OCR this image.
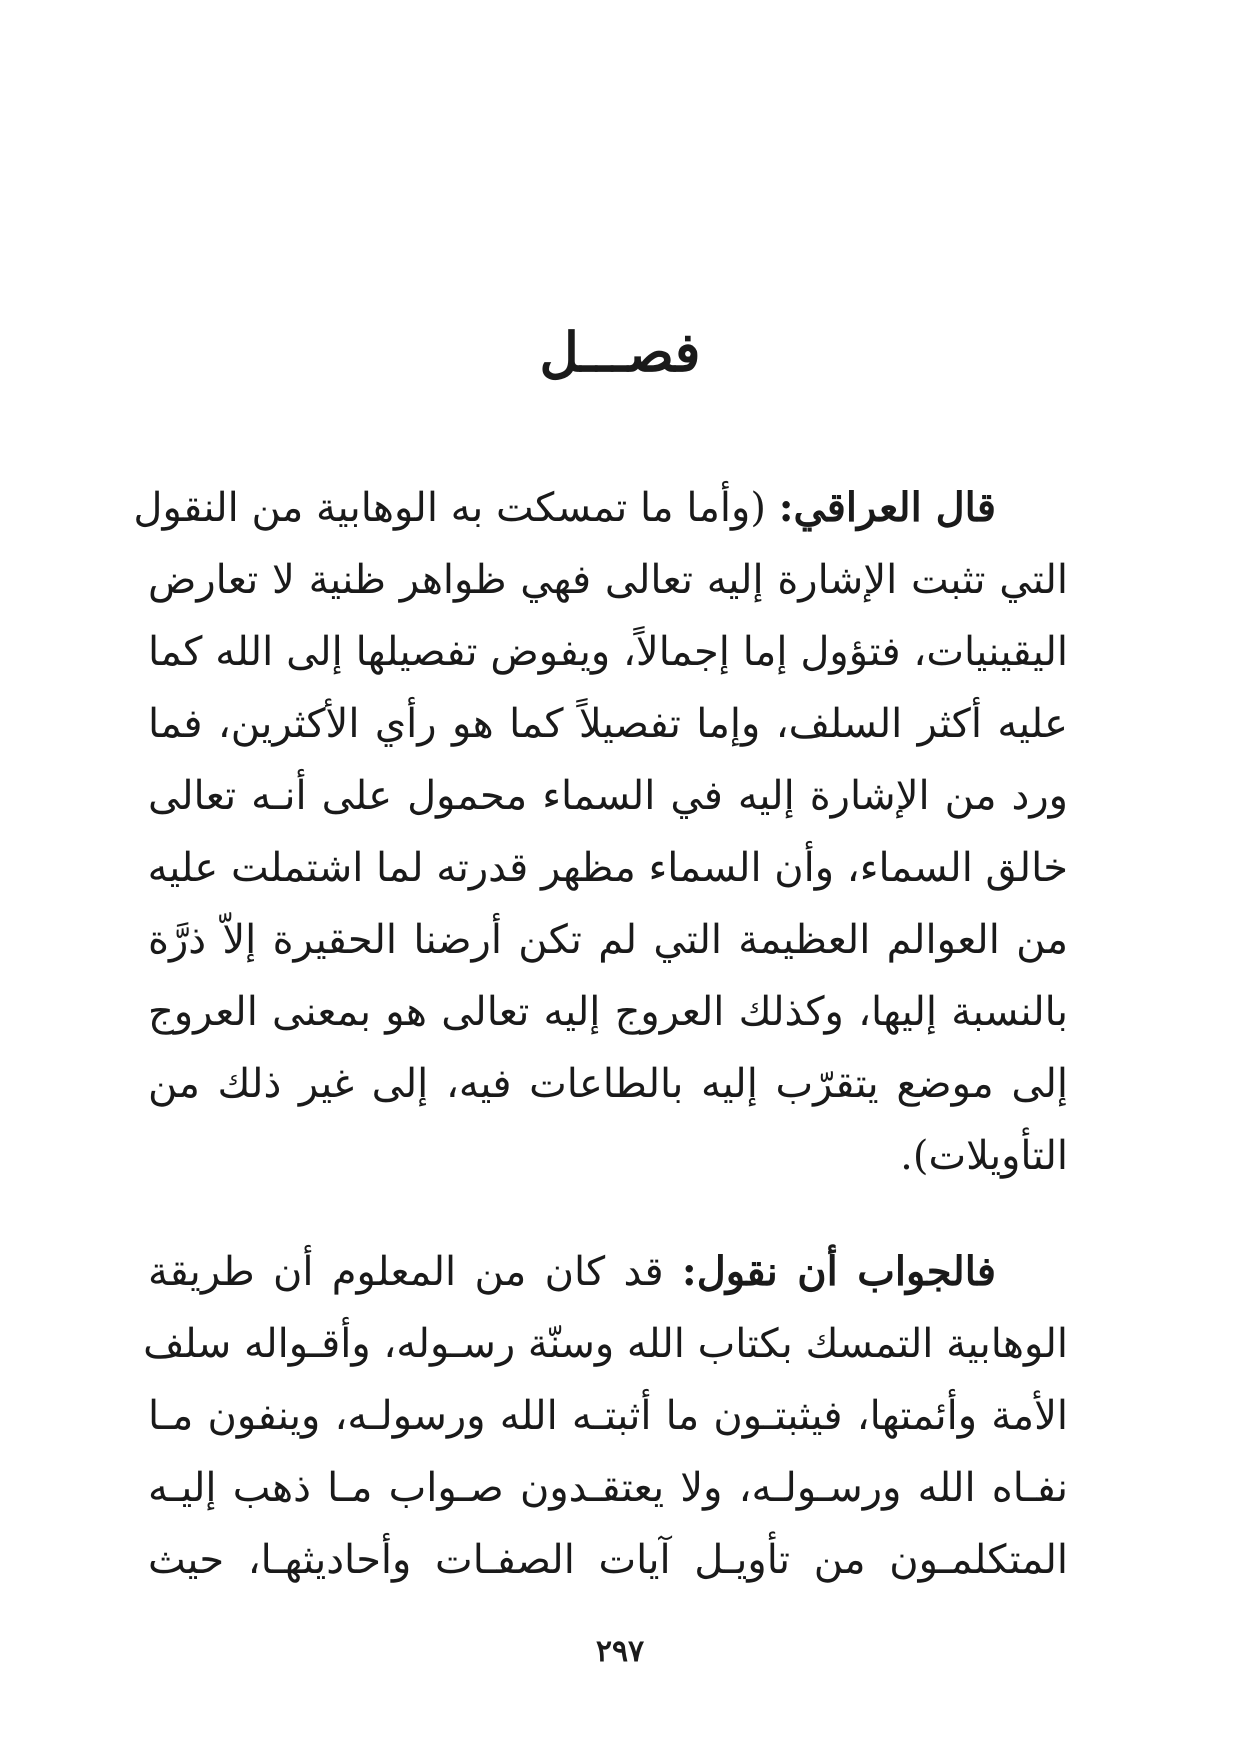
فصـــل
قال العراقي: (وأما ما تمسكت به الوهابية من النقول
التي تثبت الإشارة إليه تعالى فهي ظواهر ظنية لا تعارض
اليقينيات، فتؤول إما إجمالاً، ويفوض تفصيلها إلى الله كما
عليه أكثر السلف، وإما تفصيلاً كما هو رأي الأكثرين، فما
ورد من الإشارة إليه في السماء محمول على أنـه تعالى
خالق السماء، وأن السماء مظهر قدرته لما اشتملت عليه
من العوالم العظيمة التي لم تكن أرضنا الحقيرة إلاّ ذرَّة
بالنسبة إليها، وكذلك العروج إليه تعالى هو بمعنى العروج
إلى موضع يتقرّب إليه بالطاعات فيه، إلى غير ذلك من
التأويلات).
فالجواب أن نقول: قد كان من المعلوم أن طريقة
الوهابية التمسك بكتاب الله وسنّة رسـوله، وأقـواله سلف
الأمة وأئمتها، فيثبتـون ما أثبتـه الله ورسولـه، وينفون مـا
نفـاه الله ورسـولـه، ولا يعتقـدون صـواب مـا ذهب إليـه
المتكلمـون من تأويـل آيات الصفـات وأحاديثهـا، حيث
٢٩٧
